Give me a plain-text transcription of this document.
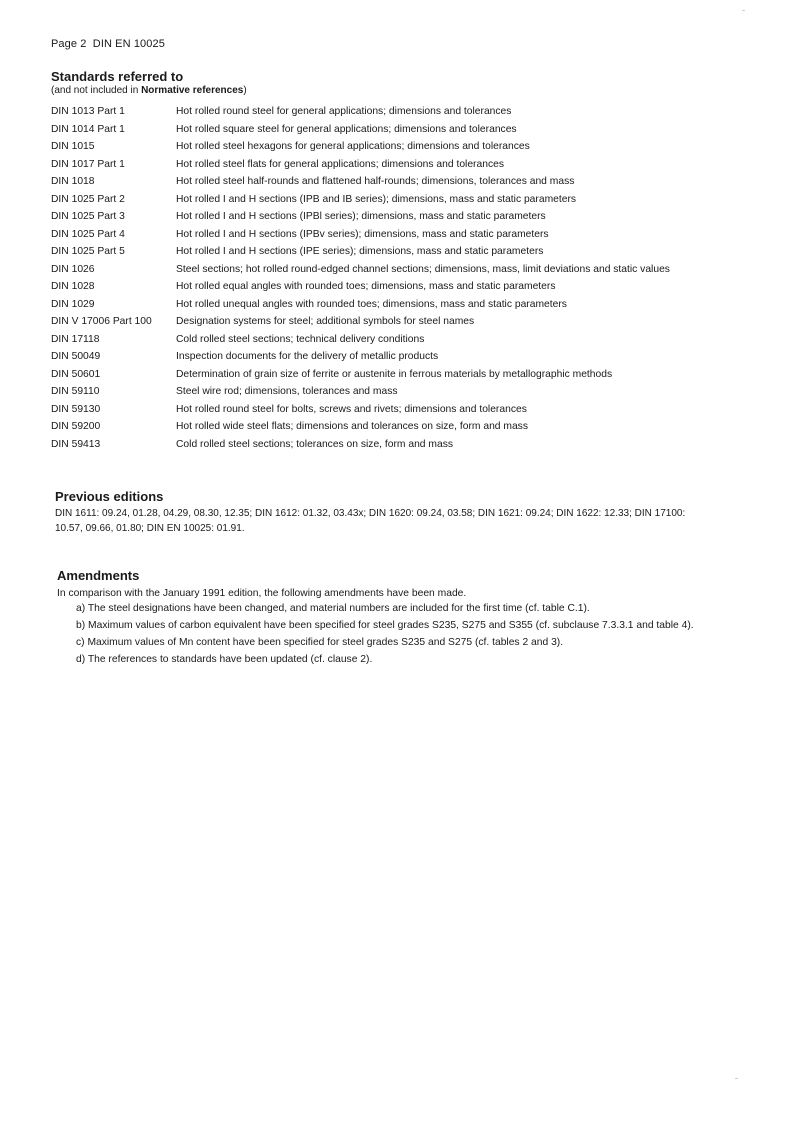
Page 2 DIN EN 10025
Standards referred to
(and not included in Normative references)
DIN 1013 Part 1	Hot rolled round steel for general applications; dimensions and tolerances
DIN 1014 Part 1	Hot rolled square steel for general applications; dimensions and tolerances
DIN 1015	Hot rolled steel hexagons for general applications; dimensions and tolerances
DIN 1017 Part 1	Hot rolled steel flats for general applications; dimensions and tolerances
DIN 1018	Hot rolled steel half-rounds and flattened half-rounds; dimensions, tolerances and mass
DIN 1025 Part 2	Hot rolled I and H sections (IPB and IB series); dimensions, mass and static parameters
DIN 1025 Part 3	Hot rolled I and H sections (IPBl series); dimensions, mass and static parameters
DIN 1025 Part 4	Hot rolled I and H sections (IPBv series); dimensions, mass and static parameters
DIN 1025 Part 5	Hot rolled I and H sections (IPE series); dimensions, mass and static parameters
DIN 1026	Steel sections; hot rolled round-edged channel sections; dimensions, mass, limit deviations and static values
DIN 1028	Hot rolled equal angles with rounded toes; dimensions, mass and static parameters
DIN 1029	Hot rolled unequal angles with rounded toes; dimensions, mass and static parameters
DIN V 17006 Part 100	Designation systems for steel; additional symbols for steel names
DIN 17118	Cold rolled steel sections; technical delivery conditions
DIN 50049	Inspection documents for the delivery of metallic products
DIN 50601	Determination of grain size of ferrite or austenite in ferrous materials by metallographic methods
DIN 59110	Steel wire rod; dimensions, tolerances and mass
DIN 59130	Hot rolled round steel for bolts, screws and rivets; dimensions and tolerances
DIN 59200	Hot rolled wide steel flats; dimensions and tolerances on size, form and mass
DIN 59413	Cold rolled steel sections; tolerances on size, form and mass
Previous editions
DIN 1611: 09.24, 01.28, 04.29, 08.30, 12.35; DIN 1612: 01.32, 03.43x; DIN 1620: 09.24, 03.58; DIN 1621: 09.24; DIN 1622: 12.33; DIN 17100: 10.57, 09.66, 01.80; DIN EN 10025: 01.91.
Amendments
In comparison with the January 1991 edition, the following amendments have been made.
a) The steel designations have been changed, and material numbers are included for the first time (cf. table C.1).
b) Maximum values of carbon equivalent have been specified for steel grades S235, S275 and S355 (cf. subclause 7.3.3.1 and table 4).
c) Maximum values of Mn content have been specified for steel grades S235 and S275 (cf. tables 2 and 3).
d) The references to standards have been updated (cf. clause 2).
